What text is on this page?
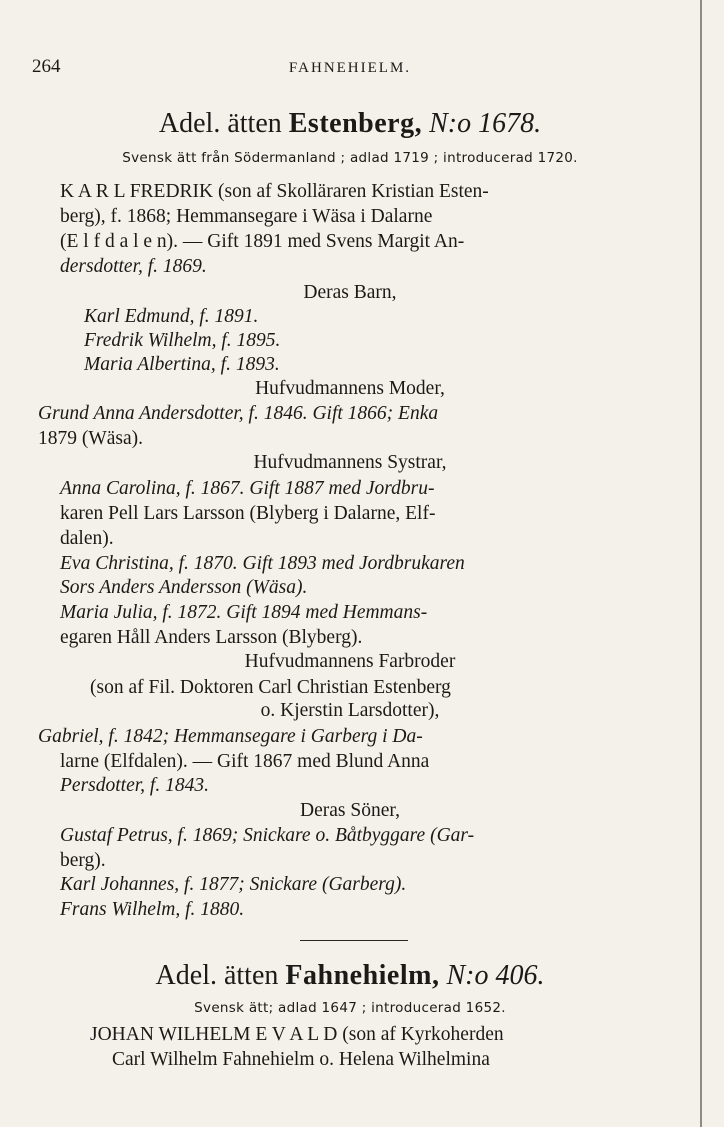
264	FAHNEHIELM.
Adel. ätten Estenberg, N:o 1678.
Svensk ätt från Södermanland ; adlad 1719 ; introducerad 1720.
K A R L FREDRIK (son af Skolläraren Kristian Esten-
berg), f. 1868; Hemmansegare i Wäsa i Dalarne
(E l f d a l e n). — Gift 1891 med Svens Margit An-
dersdotter, f. 1869.
Deras Barn,
Karl Edmund, f. 1891.
Fredrik Wilhelm, f. 1895.
Maria Albertina, f. 1893.
Hufvudmannens Moder,
Grund Anna Andersdotter, f. 1846. Gift 1866; Enka
1879 (Wäsa).
Hufvudmannens Systrar,
Anna Carolina, f. 1867. Gift 1887 med Jordbru-
karen Pell Lars Larsson (Blyberg i Dalarne, Elf-
dalen).
Eva Christina, f. 1870. Gift 1893 med Jordbrukaren
Sors Anders Andersson (Wäsa).
Maria Julia, f. 1872. Gift 1894 med Hemmans-
egaren Håll Anders Larsson (Blyberg).
Hufvudmannens Farbroder
(son af Fil. Doktoren Carl Christian Estenberg
o. Kjerstin Larsdotter),
Gabriel, f. 1842; Hemmansegare i Garberg i Da-
larne (Elfdalen). — Gift 1867 med Blund Anna
Persdotter, f. 1843.
Deras Söner,
Gustaf Petrus, f. 1869; Snickare o. Båtbyggare (Gar-
berg).
Karl Johannes, f. 1877; Snickare (Garberg).
Frans Wilhelm, f. 1880.
Adel. ätten Fahnehielm, N:o 406.
Svensk ätt; adlad 1647 ; introducerad 1652.
JOHAN WILHELM E V A L D (son af Kyrkoherden
Carl Wilhelm Fahnehielm o. Helena Wilhelmina
